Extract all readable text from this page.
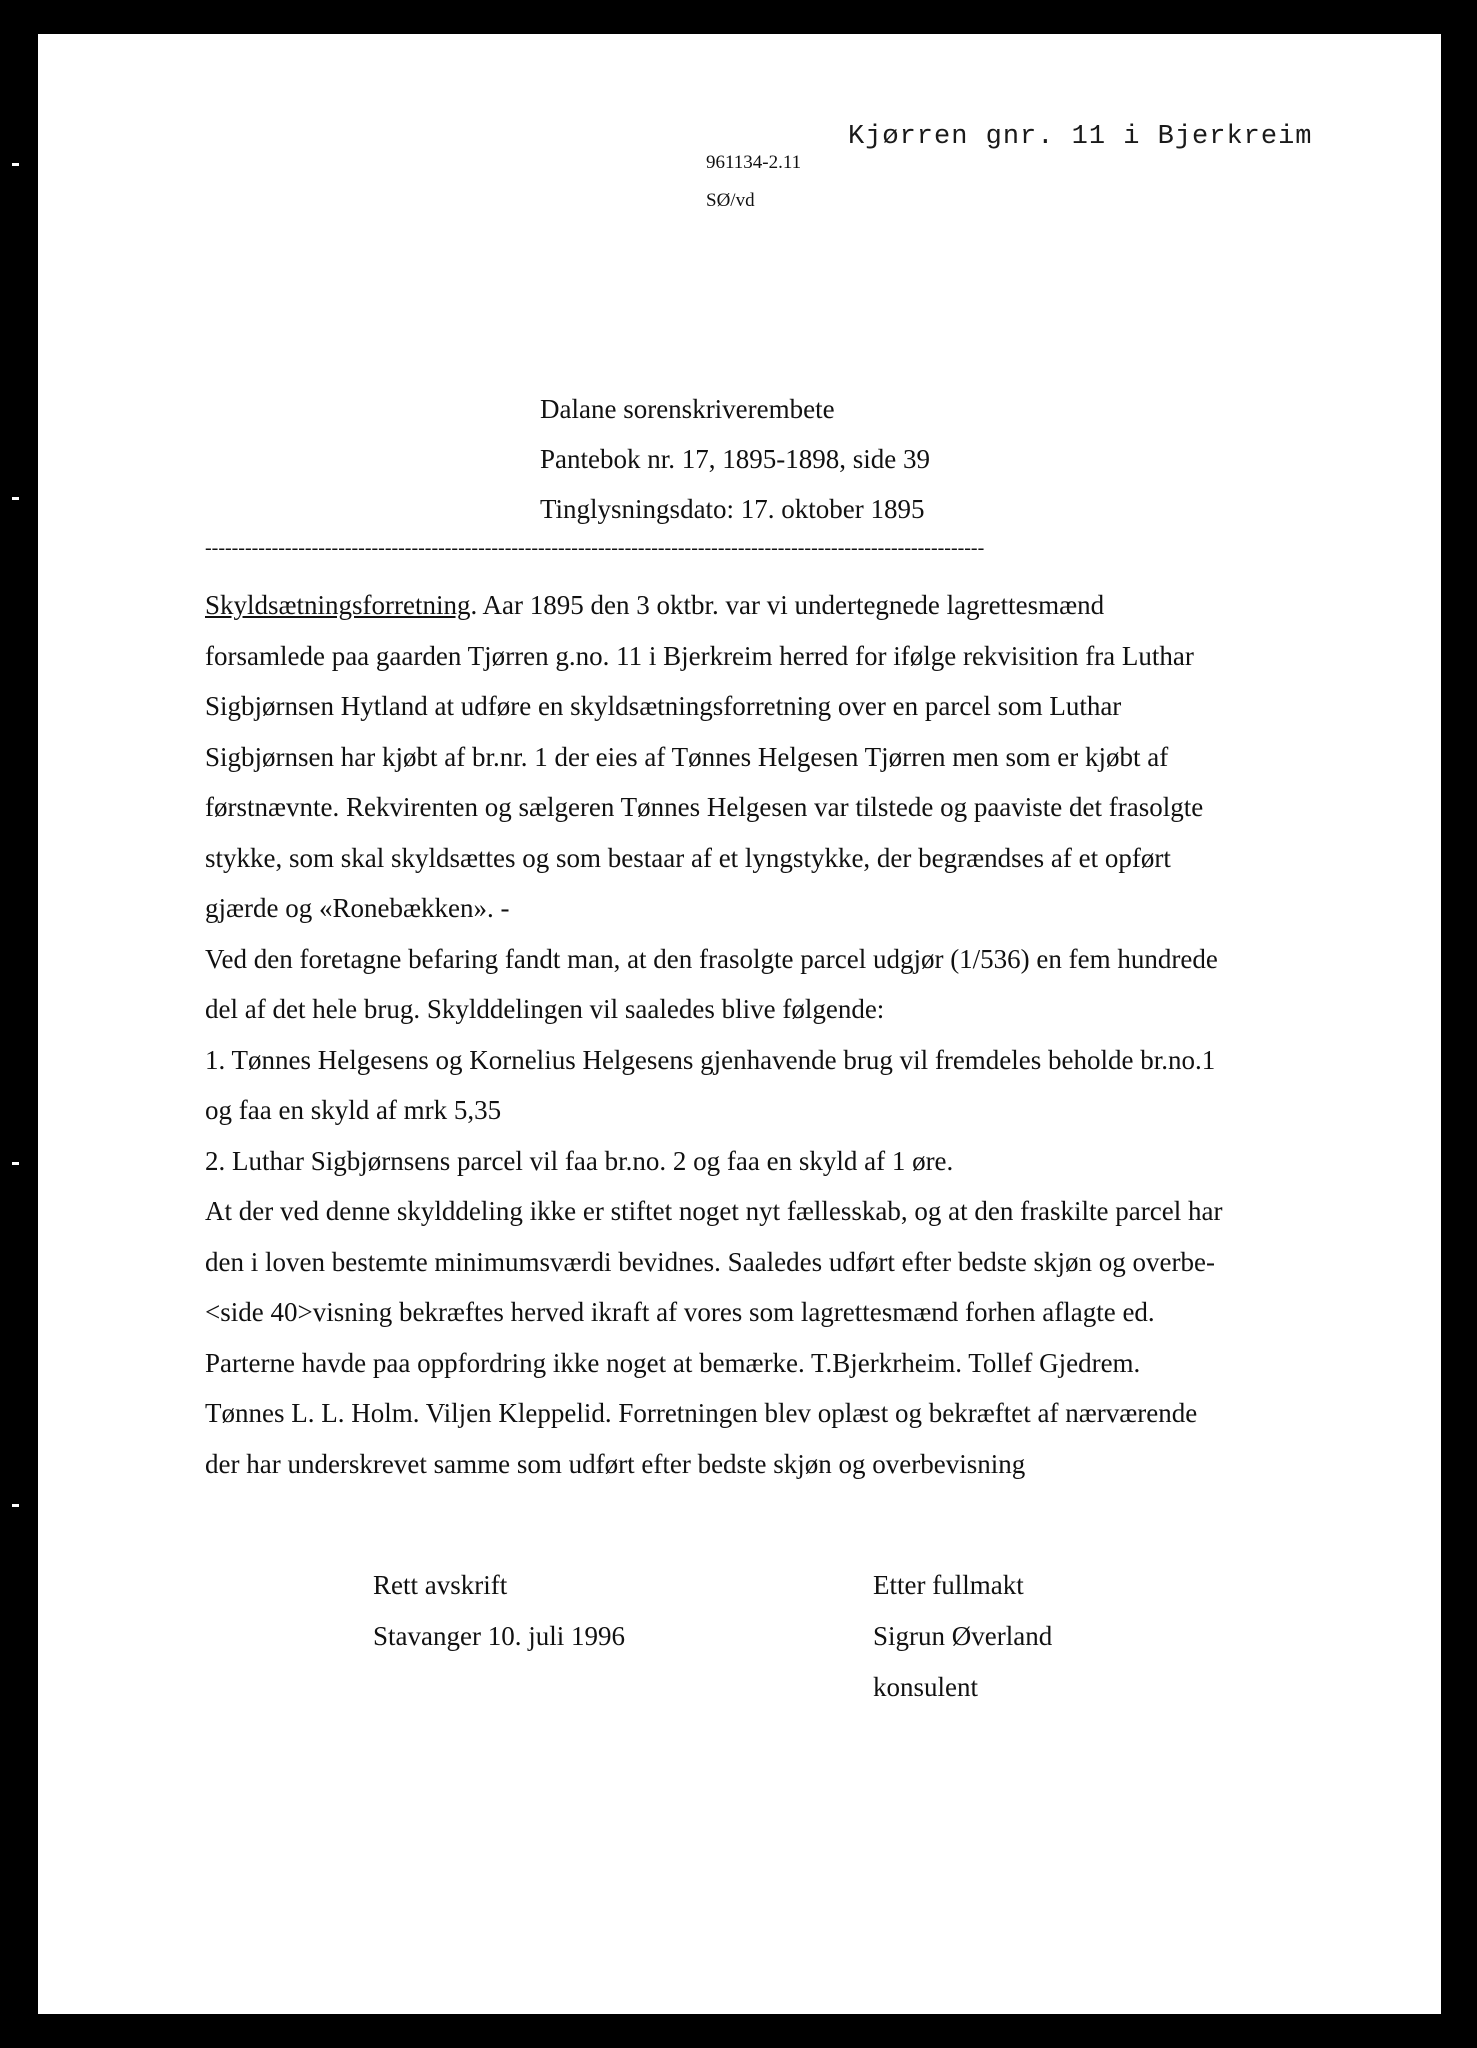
Kjørren gnr. 11 i Bjerkreim
961134-2.11
SØ/vd
Dalane sorenskriverembete
Pantebok nr. 17, 1895-1898, side 39
Tinglysningsdato: 17. oktober 1895
---------------------------------------------------------------------------------------------------------------------

Skyldsætningsforretning. Aar 1895 den 3 oktbr. var vi undertegnede lagrettesmænd

forsamlede paa gaarden Tjørren g.no. 11 i Bjerkreim herred for ifølge rekvisition fra Luthar

Sigbjørnsen Hytland at udføre en skyldsætningsforretning over en parcel som Luthar

Sigbjørnsen har kjøbt af br.nr. 1 der eies af Tønnes Helgesen Tjørren men som er kjøbt af

førstnævnte. Rekvirenten og sælgeren Tønnes Helgesen var tilstede og paaviste det frasolgte

stykke, som skal skyldsættes og som bestaar af et lyngstykke, der begrændses af et opført

gjærde og «Ronebækken». -

Ved den foretagne befaring fandt man, at den frasolgte parcel udgjør (1/536) en fem hundrede

del af det hele brug. Skylddelingen vil saaledes blive følgende:

1. Tønnes Helgesens og Kornelius Helgesens gjenhavende brug vil fremdeles beholde br.no.1

og faa en skyld af mrk 5,35

2. Luthar Sigbjørnsens parcel vil faa br.no. 2 og faa en skyld af 1 øre.

At der ved denne skylddeling ikke er stiftet noget nyt fællesskab, og at den fraskilte parcel har

den i loven bestemte minimumsværdi bevidnes. Saaledes udført efter bedste skjøn og overbe-

<side 40>visning bekræftes herved ikraft af vores som lagrettesmænd forhen aflagte ed.

Parterne havde paa oppfordring ikke noget at bemærke. T.Bjerkrheim. Tollef Gjedrem.

Tønnes L. L. Holm. Viljen Kleppelid. Forretningen blev oplæst og bekræftet af nærværende

der har underskrevet samme som udført efter bedste skjøn og overbevisning

Rett avskrift
Stavanger 10. juli 1996
Etter fullmakt
Sigrun Øverland
konsulent
